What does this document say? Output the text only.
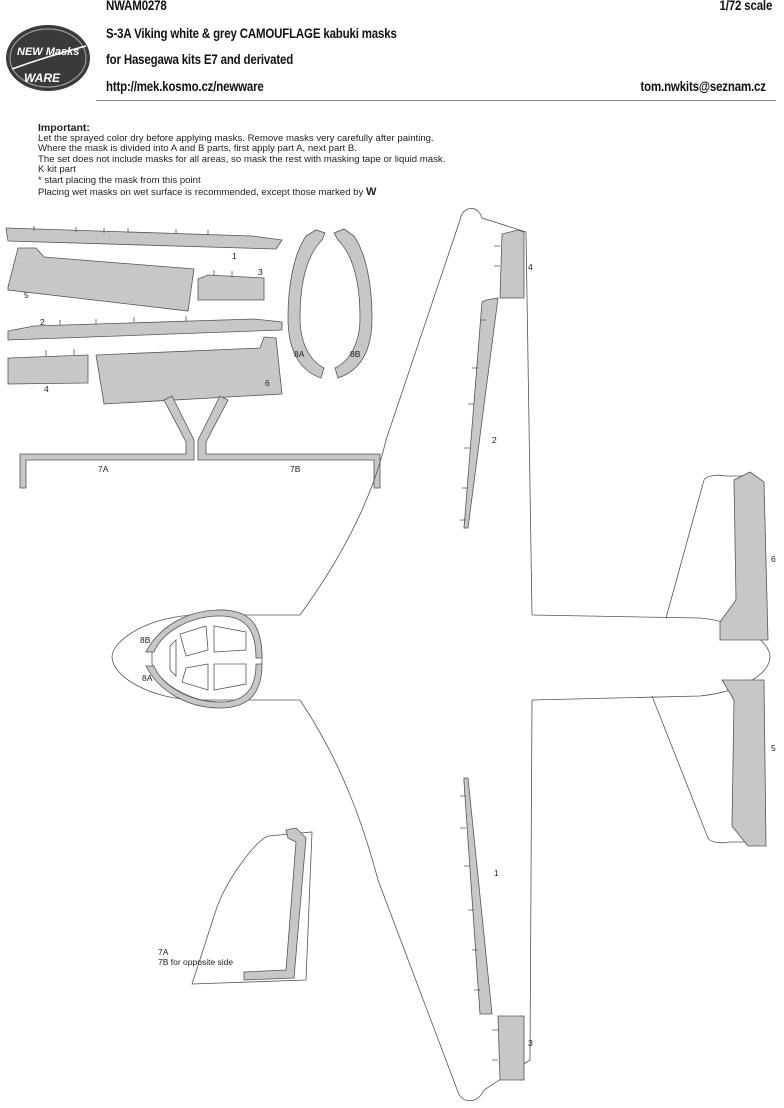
NWAM0278	1/72 scale
S-3A Viking white & grey CAMOUFLAGE kabuki masks
for Hasegawa kits E7 and derivated
http://mek.kosmo.cz/newware	tom.nwkits@seznam.cz
NEW Masks
WARE
Important:
Let the sprayed color dry before applying masks. Remove masks very carefully after painting.
Where the mask is divided into A and B parts, first apply part A, next part B.
The set does not include masks for all areas, so mask the rest with masking tape or liquid mask.
K kit part
* start placing the mask from this point
Placing wet masks on wet surface is recommended, except those marked by W
1
5
3
2
4
6
8A	8B
7A	7B
8B
8A
7A
7B for opposite side
4
2
6
5
1
3
